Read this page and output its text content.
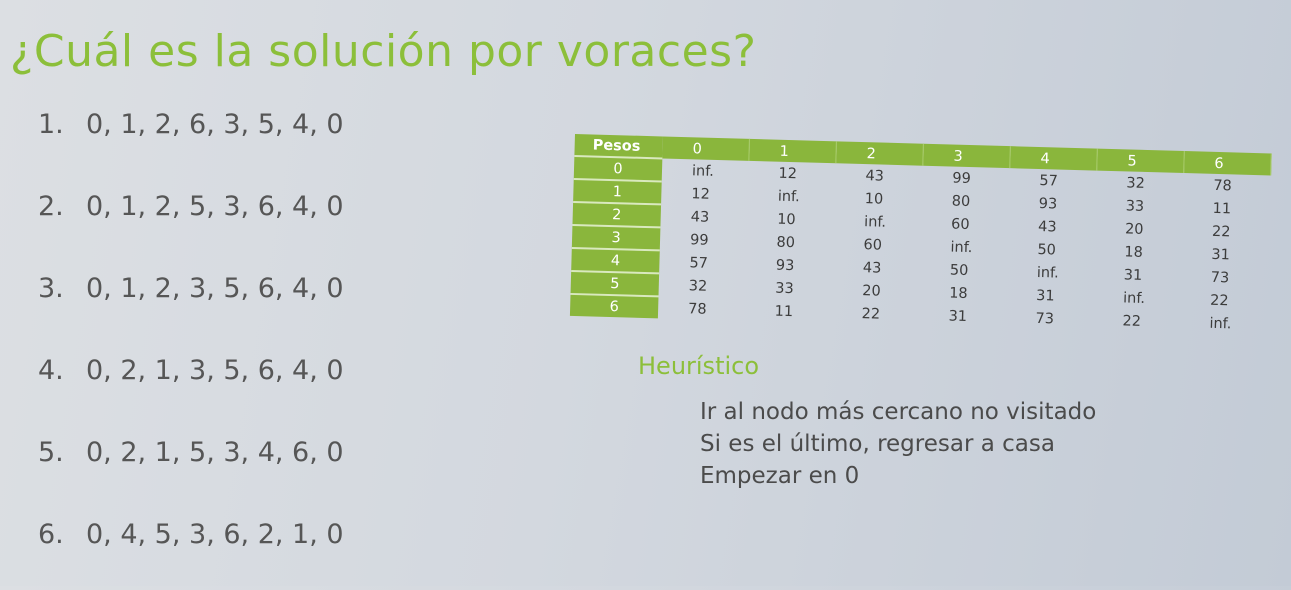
¿Cuál es la solución por voraces?
1. 0, 1, 2, 6, 3, 5, 4, 0
2. 0, 1, 2, 5, 3, 6, 4, 0
3. 0, 1, 2, 3, 5, 6, 4, 0
4. 0, 2, 1, 3, 5, 6, 4, 0
5. 0, 2, 1, 5, 3, 4, 6, 0
6. 0, 4, 5, 3, 6, 2, 1, 0
Pesos	0	1	2	3	4	5	6
0	inf.	12	43	99	57	32	78
1	12	inf.	10	80	93	33	11
2	43	10	inf.	60	43	20	22
3	99	80	60	inf.	50	18	31
4	57	93	43	50	inf.	31	73
5	32	33	20	18	31	inf.	22
6	78	11	22	31	73	22	inf.
Heurístico
Ir al nodo más cercano no visitado
Si es el último, regresar a casa
Empezar en 0
